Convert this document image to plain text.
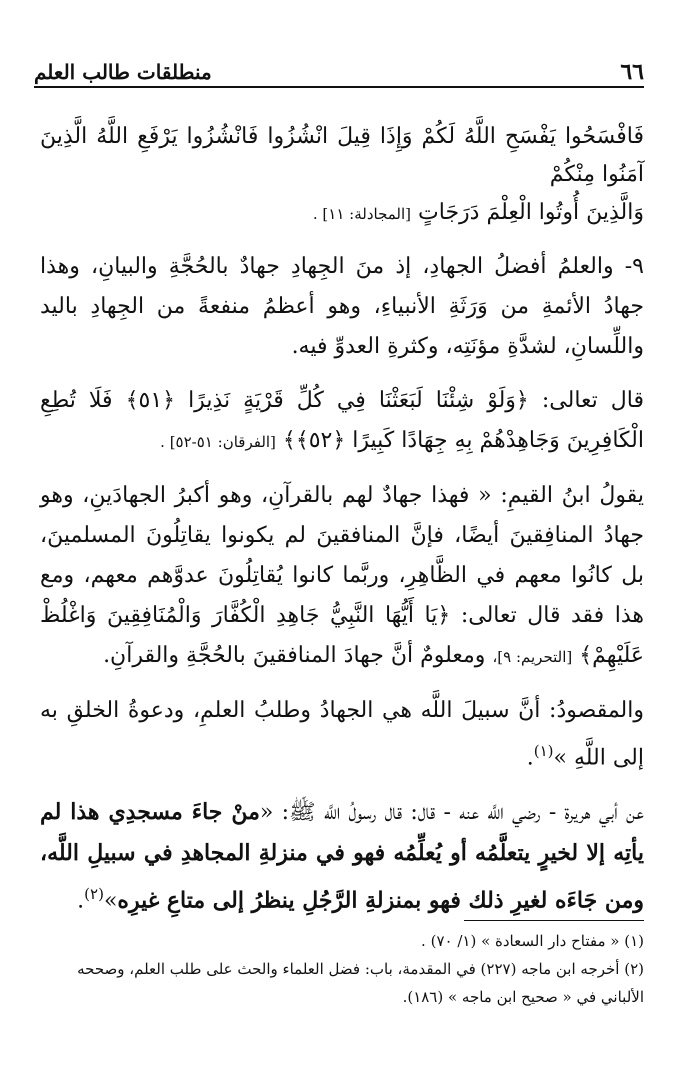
منطلقات طالب العلم	٦٦

فَافْسَحُوا يَفْسَحِ اللَّهُ لَكُمْ وَإِذَا قِيلَ انْشُزُوا فَانْشُزُوا يَرْفَعِ اللَّهُ الَّذِينَ آمَنُوا مِنْكُمْ

وَالَّذِينَ أُوتُوا الْعِلْمَ دَرَجَاتٍ [المجادلة: ١١] .

٩- والعلمُ أفضلُ الجهادِ، إذ منَ الجِهادِ جهادٌ بالحُجَّةِ والبيانِ، وهذا جهادُ الأئمةِ من وَرَثَةِ الأنبياءِ، وهو أعظمُ منفعةً من الجِهادِ باليد واللِّسانِ، لشدَّةِ مؤنَتِه، وكثرةِ العدوِّ فيه.

قال تعالى: ﴿وَلَوْ شِئْنَا لَبَعَثْنَا فِي كُلِّ قَرْيَةٍ نَذِيرًا ﴿٥١﴾ فَلَا تُطِعِ الْكَافِرِينَ وَجَاهِدْهُمْ بِهِ جِهَادًا كَبِيرًا ﴿٥٢﴾﴾ [الفرقان: ٥١-٥٢] .

يقولُ ابنُ القيمِ: « فهذا جهادٌ لهم بالقرآنِ، وهو أكبرُ الجهادَينِ، وهو جهادُ المنافِقينَ أيضًا، فإنَّ المنافقينَ لم يكونوا يقاتِلُونَ المسلمينَ، بل كانُوا معهم في الظَّاهِرِ، وربَّما كانوا يُقاتِلُونَ عدوَّهم معهم، ومع هذا فقد قال تعالى: ﴿يَا أَيُّهَا النَّبِيُّ جَاهِدِ الْكُفَّارَ وَالْمُنَافِقِينَ وَاغْلُظْ عَلَيْهِمْ﴾ [التحريم: ٩]، ومعلومٌ أنَّ جهادَ المنافقينَ بالحُجَّةِ والقرآنِ.

والمقصودُ: أنَّ سبيلَ اللَّه هي الجهادُ وطلبُ العلمِ، ودعوةُ الخلقِ به إلى اللَّهِ »$^{(١)}$.

عن أبي هريرة - رضي اللَّه عنه - قال: قال رسولُ اللَّه ﷺ: «منْ جاءَ مسجدِي هذا لم يأتِه إلا لخيرٍ يتعلَّمُه أو يُعلِّمُه فهو في منزلةِ المجاهدِ في سبيلِ اللَّه، ومن جَاءَه لغيرِ ذلك فهو بمنزلةِ الرَّجُلِ ينظرُ إلى متاعِ غيرِه»$^{(٢)}$.

(١) « مفتاح دار السعادة » (١/ ٧٠) .

(٢) أخرجه ابن ماجه (٢٢٧) في المقدمة، باب: فضل العلماء والحث على طلب العلم، وصححه الألباني في « صحيح ابن ماجه » (١٨٦).
